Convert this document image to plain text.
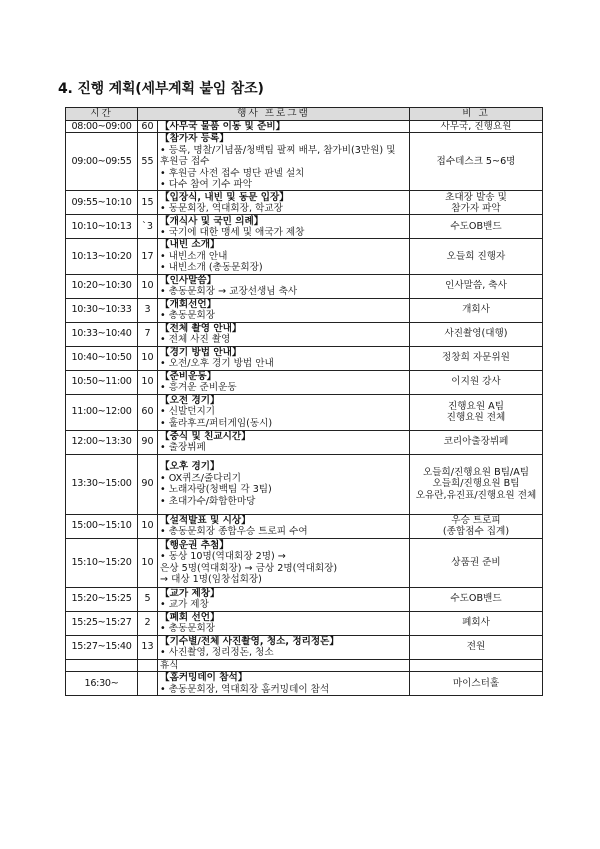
4. 진행 계획(세부계획 붙임 참조)
시간	행사 프로그램		비 고
08:00~09:00	60	【사무국 물품 이동 및 준비】	사무국, 진행요원

09:00~09:55	55	【참가자 등록】
• 등록, 명찰/기념품/청백팀 팔찌 배부, 참가비(3만원) 및 후원금 접수
• 후원금 사전 접수 명단 판넬 설치
• 다수 참여 기수 파악	접수데스크 5~6명

09:55~10:10	15	【입장식, 내빈 및 동문 입장】
• 동문회장, 역대회장, 학교장	초대장 발송 및
참가자 파악

10:10~10:13	`3	【개식사 및 국민 의례】
• 국기에 대한 맹세 및 애국가 제창	수도OB밴드

10:13~10:20	17	【내빈 소개】
• 내빈소개 안내
• 내빈소개 (총동문회장)	오들희 진행자

10:20~10:30	10	【인사말씀】
• 총동문회장 → 교장선생님 축사	인사말씀, 축사

10:30~10:33	3	【개회선언】
• 총동문회장	개회사

10:33~10:40	7	【전체 촬영 안내】
• 전체 사진 촬영	사진촬영(대행)

10:40~10:50	10	【경기 방법 안내】
• 오전/오후 경기 방법 안내	정창희 자문위원

10:50~11:00	10	【준비운동】
• 흥겨운 준비운동	이지원 강사

11:00~12:00	60	【오전 경기】
• 신발던지기
• 훌라후프/퍼터게임(동시)	진행요원 A팀
진행요원 전체

12:00~13:30	90	【중식 및 친교시간】
• 출장뷔페	코리아출장뷔페

13:30~15:00	90	【오후 경기】
• OX퀴즈/줄다리기
• 노래자랑(청백팀 각 3팀)
• 초대가수/화합한마당	오들희/진행요원 B팀/A팀
오들희/진행요원 B팀
오유란,유진표/진행요원 전체

15:00~15:10	10	【설적발표 및 시상】
• 총동문회장 종합우승 트로피 수여	우승 트로피
(종합점수 집계)

15:10~15:20	10	【행운권 추첨】
• 동상 10명(역대회장 2명) →
은상 5명(역대회장) → 금상 2명(역대회장)
→ 대상 1명(임창섭회장)	상품권 준비

15:20~15:25	5	【교가 제창】
• 교가 제창	수도OB밴드

15:25~15:27	2	【폐회 선언】
• 총동문회장	폐회사

15:27~15:40	13	【기수별/전체 사진촬영, 청소, 정리정돈】
• 사진촬영, 정리정돈, 청소	전원

		휴식	

16:30~		【홈커밍데이 참석】
• 총동문회장, 역대회장 홈커밍데이 참석	마이스터홀
